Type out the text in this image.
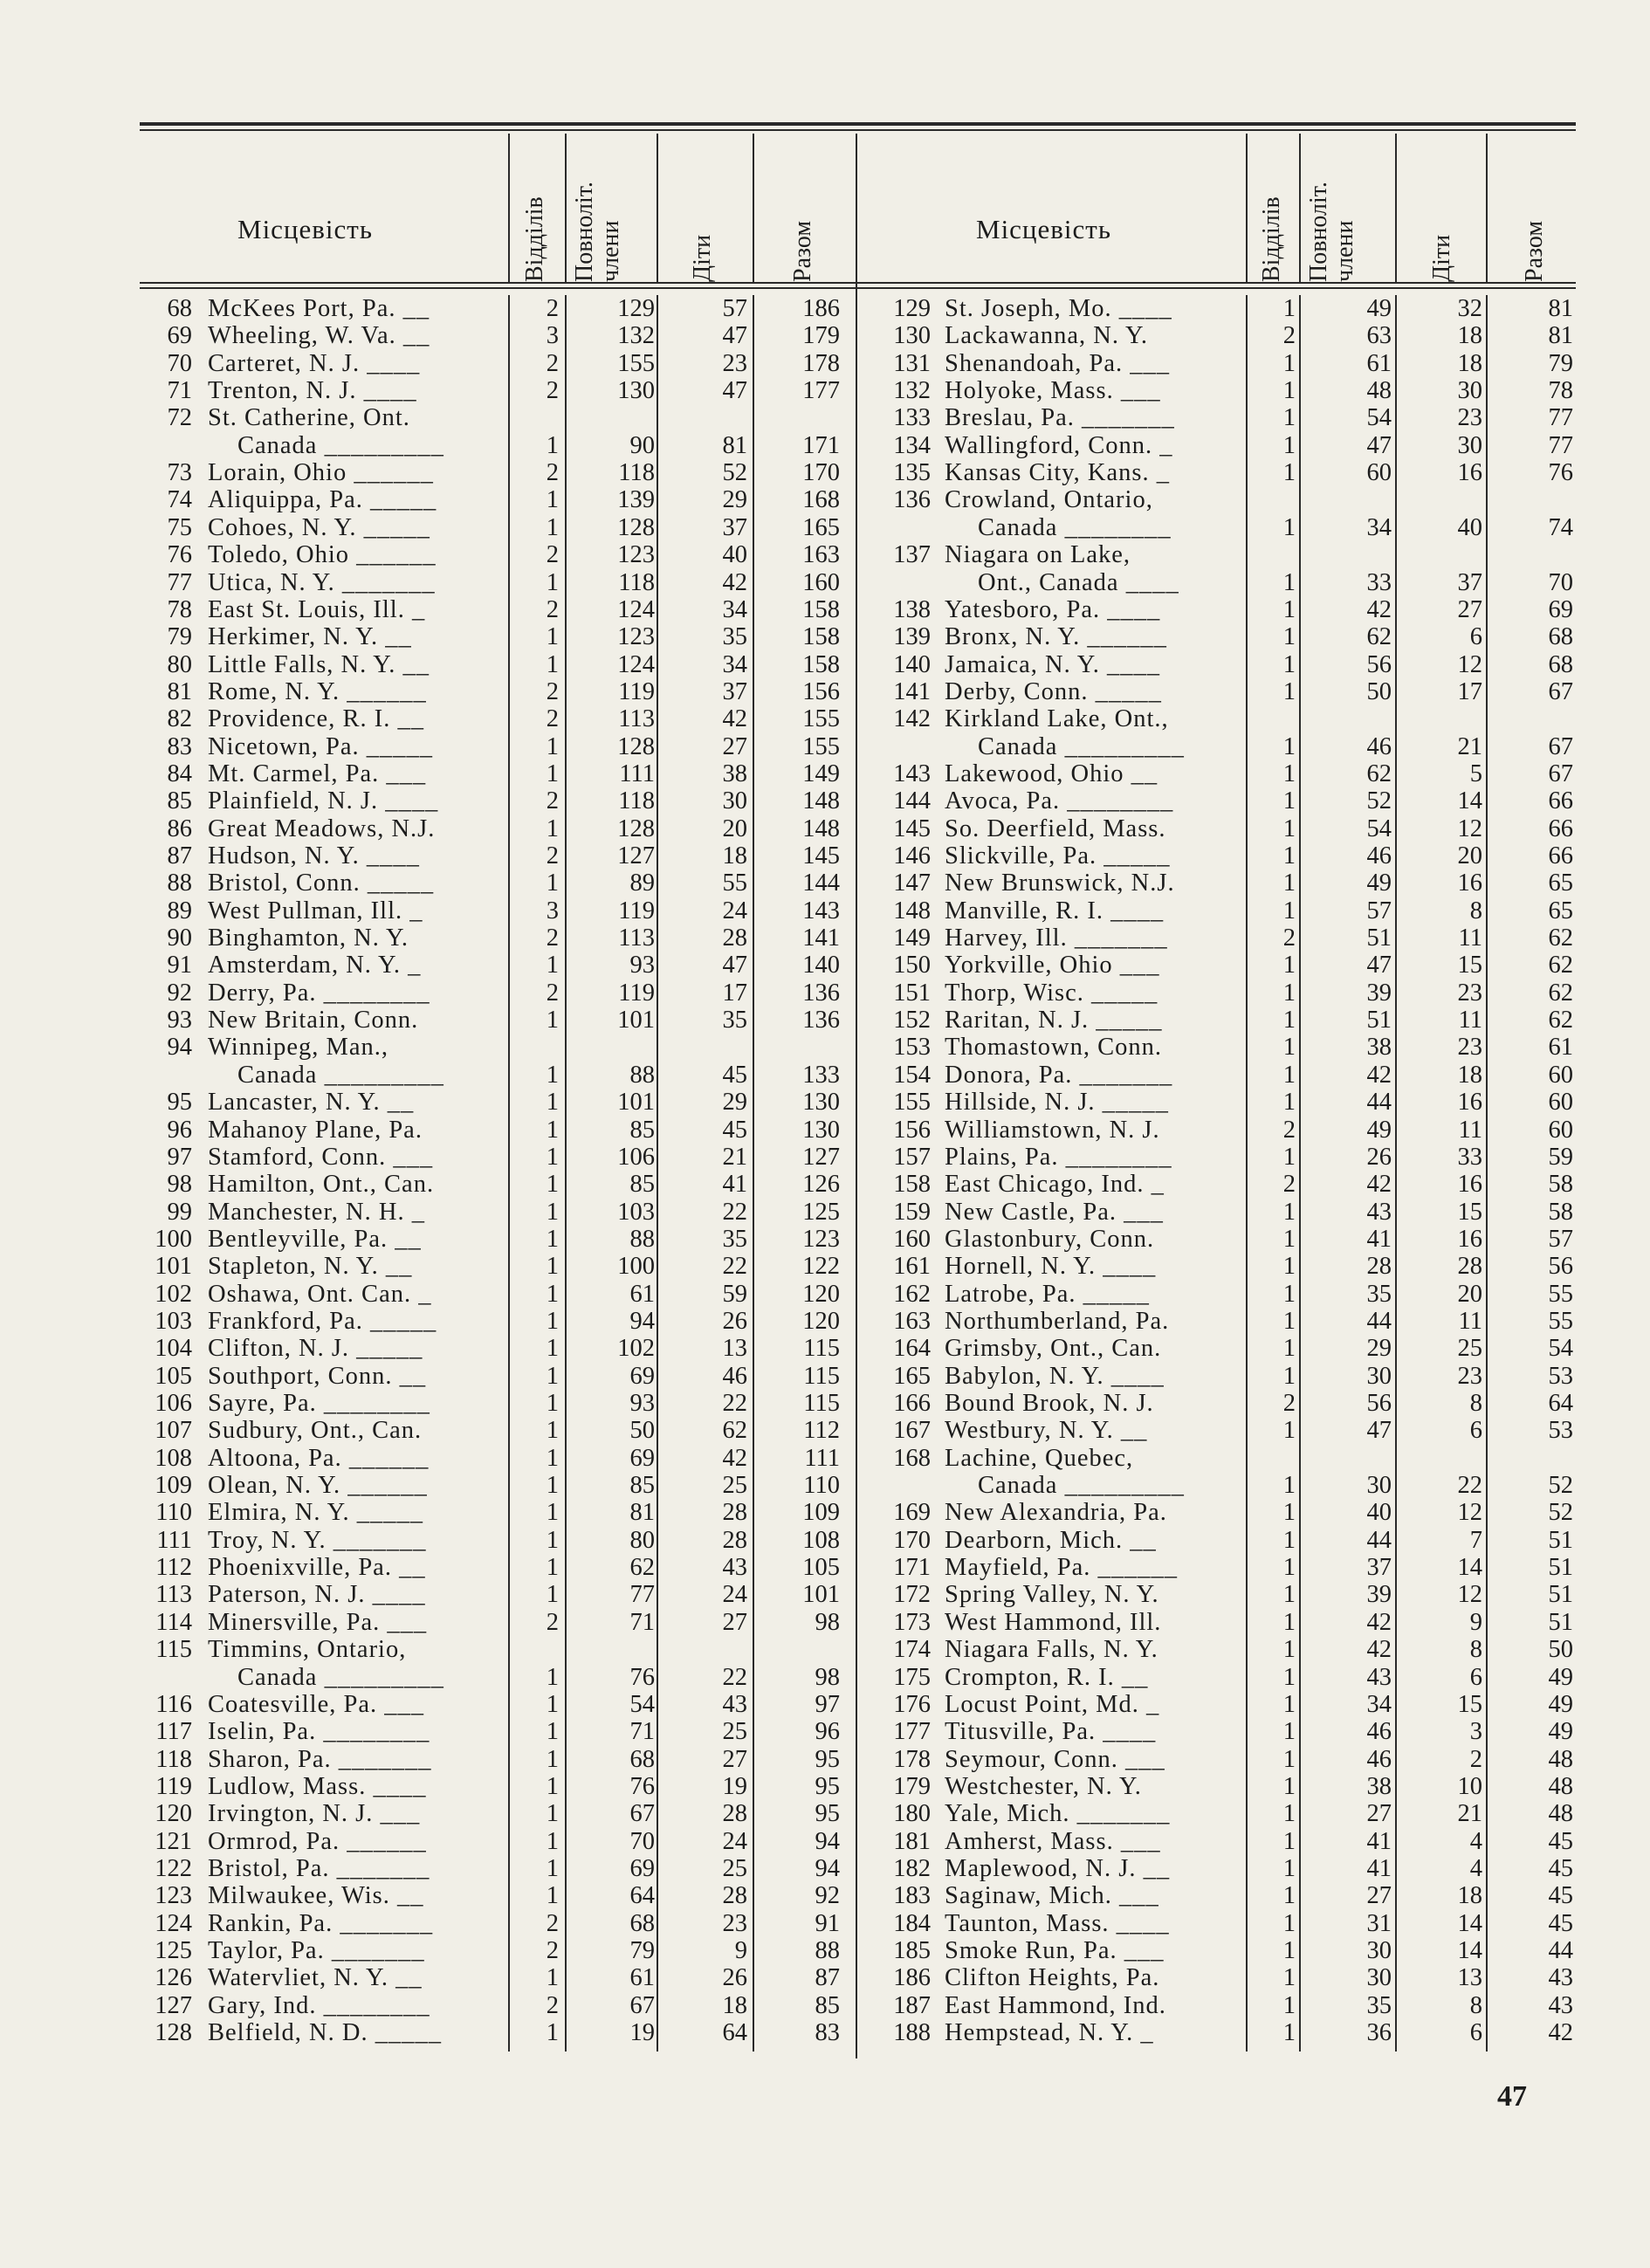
Місцевість	Відділів Повноліт. члени	Діти	Разом	Місцевість	Відділів Повноліт. члени	Діти	Разом
68 McKees Port, Pa. __	2	129	57	186
69 Wheeling, W. Va. __	3	132	47	179
70 Carteret, N. J. ____	2	155	23	178
71 Trenton, N. J. ____	2	130	47	177
72 St. Catherine, Ont.
Canada _________	1	90	81	171
73 Lorain, Ohio ______	2	118	52	170
74 Aliquippa, Pa. _____	1	139	29	168
75 Cohoes, N. Y. _____	1	128	37	165
76 Toledo, Ohio ______	2	123	40	163
77 Utica, N. Y. _______	1	118	42	160
78 East St. Louis, Ill. _	2	124	34	158
79 Herkimer, N. Y. __	1	123	35	158
80 Little Falls, N. Y. __	1	124	34	158
81 Rome, N. Y. ______	2	119	37	156
82 Providence, R. I. __	2	113	42	155
83 Nicetown, Pa. _____	1	128	27	155
84 Mt. Carmel, Pa. ___	1	111	38	149
85 Plainfield, N. J. ____	2	118	30	148
86 Great Meadows, N.J.	1	128	20	148
87 Hudson, N. Y. ____	2	127	18	145
88 Bristol, Conn. _____	1	89	55	144
89 West Pullman, Ill. _	3	119	24	143
90 Binghamton, N. Y.	2	113	28	141
91 Amsterdam, N. Y. _	1	93	47	140
92 Derry, Pa. ________	2	119	17	136
93 New Britain, Conn.	1	101	35	136
94 Winnipeg, Man.,
Canada _________	1	88	45	133
95 Lancaster, N. Y. __	1	101	29	130
96 Mahanoy Plane, Pa.	1	85	45	130
97 Stamford, Conn. ___	1	106	21	127
98 Hamilton, Ont., Can.	1	85	41	126
99 Manchester, N. H. _	1	103	22	125
100 Bentleyville, Pa. __	1	88	35	123
101 Stapleton, N. Y. __	1	100	22	122
102 Oshawa, Ont. Can. _	1	61	59	120
103 Frankford, Pa. _____	1	94	26	120
104 Clifton, N. J. _____	1	102	13	115
105 Southport, Conn. __	1	69	46	115
106 Sayre, Pa. ________	1	93	22	115
107 Sudbury, Ont., Can.	1	50	62	112
108 Altoona, Pa. ______	1	69	42	111
109 Olean, N. Y. ______	1	85	25	110
110 Elmira, N. Y. _____	1	81	28	109
111 Troy, N. Y. _______	1	80	28	108
112 Phoenixville, Pa. __	1	62	43	105
113 Paterson, N. J. ____	1	77	24	101
114 Minersville, Pa. ___	2	71	27	98
115 Timmins, Ontario,
Canada _________	1	76	22	98
116 Coatesville, Pa. ___	1	54	43	97
117 Iselin, Pa. ________	1	71	25	96
118 Sharon, Pa. _______	1	68	27	95
119 Ludlow, Mass. ____	1	76	19	95
120 Irvington, N. J. ___	1	67	28	95
121 Ormrod, Pa. ______	1	70	24	94
122 Bristol, Pa. _______	1	69	25	94
123 Milwaukee, Wis. __	1	64	28	92
124 Rankin, Pa. _______	2	68	23	91
125 Taylor, Pa. _______	2	79	9	88
126 Watervliet, N. Y. __	1	61	26	87
127 Gary, Ind. ________	2	67	18	85
128 Belfield, N. D. _____	1	19	64	83
129 St. Joseph, Mo. ____	1	49	32	81
130 Lackawanna, N. Y.	2	63	18	81
131 Shenandoah, Pa. ___	1	61	18	79
132 Holyoke, Mass. ___	1	48	30	78
133 Breslau, Pa. _______	1	54	23	77
134 Wallingford, Conn. _	1	47	30	77
135 Kansas City, Kans. _	1	60	16	76
136 Crowland, Ontario,
Canada ________	1	34	40	74
137 Niagara on Lake,
Ont., Canada ____	1	33	37	70
138 Yatesboro, Pa. ____	1	42	27	69
139 Bronx, N. Y. ______	1	62	6	68
140 Jamaica, N. Y. ____	1	56	12	68
141 Derby, Conn. _____	1	50	17	67
142 Kirkland Lake, Ont.,
Canada _________	1	46	21	67
143 Lakewood, Ohio __	1	62	5	67
144 Avoca, Pa. ________	1	52	14	66
145 So. Deerfield, Mass.	1	54	12	66
146 Slickville, Pa. _____	1	46	20	66
147 New Brunswick, N.J.	1	49	16	65
148 Manville, R. I. ____	1	57	8	65
149 Harvey, Ill. _______	2	51	11	62
150 Yorkville, Ohio ___	1	47	15	62
151 Thorp, Wisc. _____	1	39	23	62
152 Raritan, N. J. _____	1	51	11	62
153 Thomastown, Conn.	1	38	23	61
154 Donora, Pa. _______	1	42	18	60
155 Hillside, N. J. _____	1	44	16	60
156 Williamstown, N. J.	2	49	11	60
157 Plains, Pa. ________	1	26	33	59
158 East Chicago, Ind. _	2	42	16	58
159 New Castle, Pa. ___	1	43	15	58
160 Glastonbury, Conn.	1	41	16	57
161 Hornell, N. Y. ____	1	28	28	56
162 Latrobe, Pa. _____	1	35	20	55
163 Northumberland, Pa.	1	44	11	55
164 Grimsby, Ont., Can.	1	29	25	54
165 Babylon, N. Y. ____	1	30	23	53
166 Bound Brook, N. J.	2	56	8	64
167 Westbury, N. Y. __	1	47	6	53
168 Lachine, Quebec,
Canada _________	1	30	22	52
169 New Alexandria, Pa.	1	40	12	52
170 Dearborn, Mich. __	1	44	7	51
171 Mayfield, Pa. ______	1	37	14	51
172 Spring Valley, N. Y.	1	39	12	51
173 West Hammond, Ill.	1	42	9	51
174 Niagara Falls, N. Y.	1	42	8	50
175 Crompton, R. I. __	1	43	6	49
176 Locust Point, Md. _	1	34	15	49
177 Titusville, Pa. ____	1	46	3	49
178 Seymour, Conn. ___	1	46	2	48
179 Westchester, N. Y.	1	38	10	48
180 Yale, Mich. _______	1	27	21	48
181 Amherst, Mass. ___	1	41	4	45
182 Maplewood, N. J. __	1	41	4	45
183 Saginaw, Mich. ___	1	27	18	45
184 Taunton, Mass. ____	1	31	14	45
185 Smoke Run, Pa. ___	1	30	14	44
186 Clifton Heights, Pa.	1	30	13	43
187 East Hammond, Ind.	1	35	8	43
188 Hempstead, N. Y. _	1	36	6	42
47
